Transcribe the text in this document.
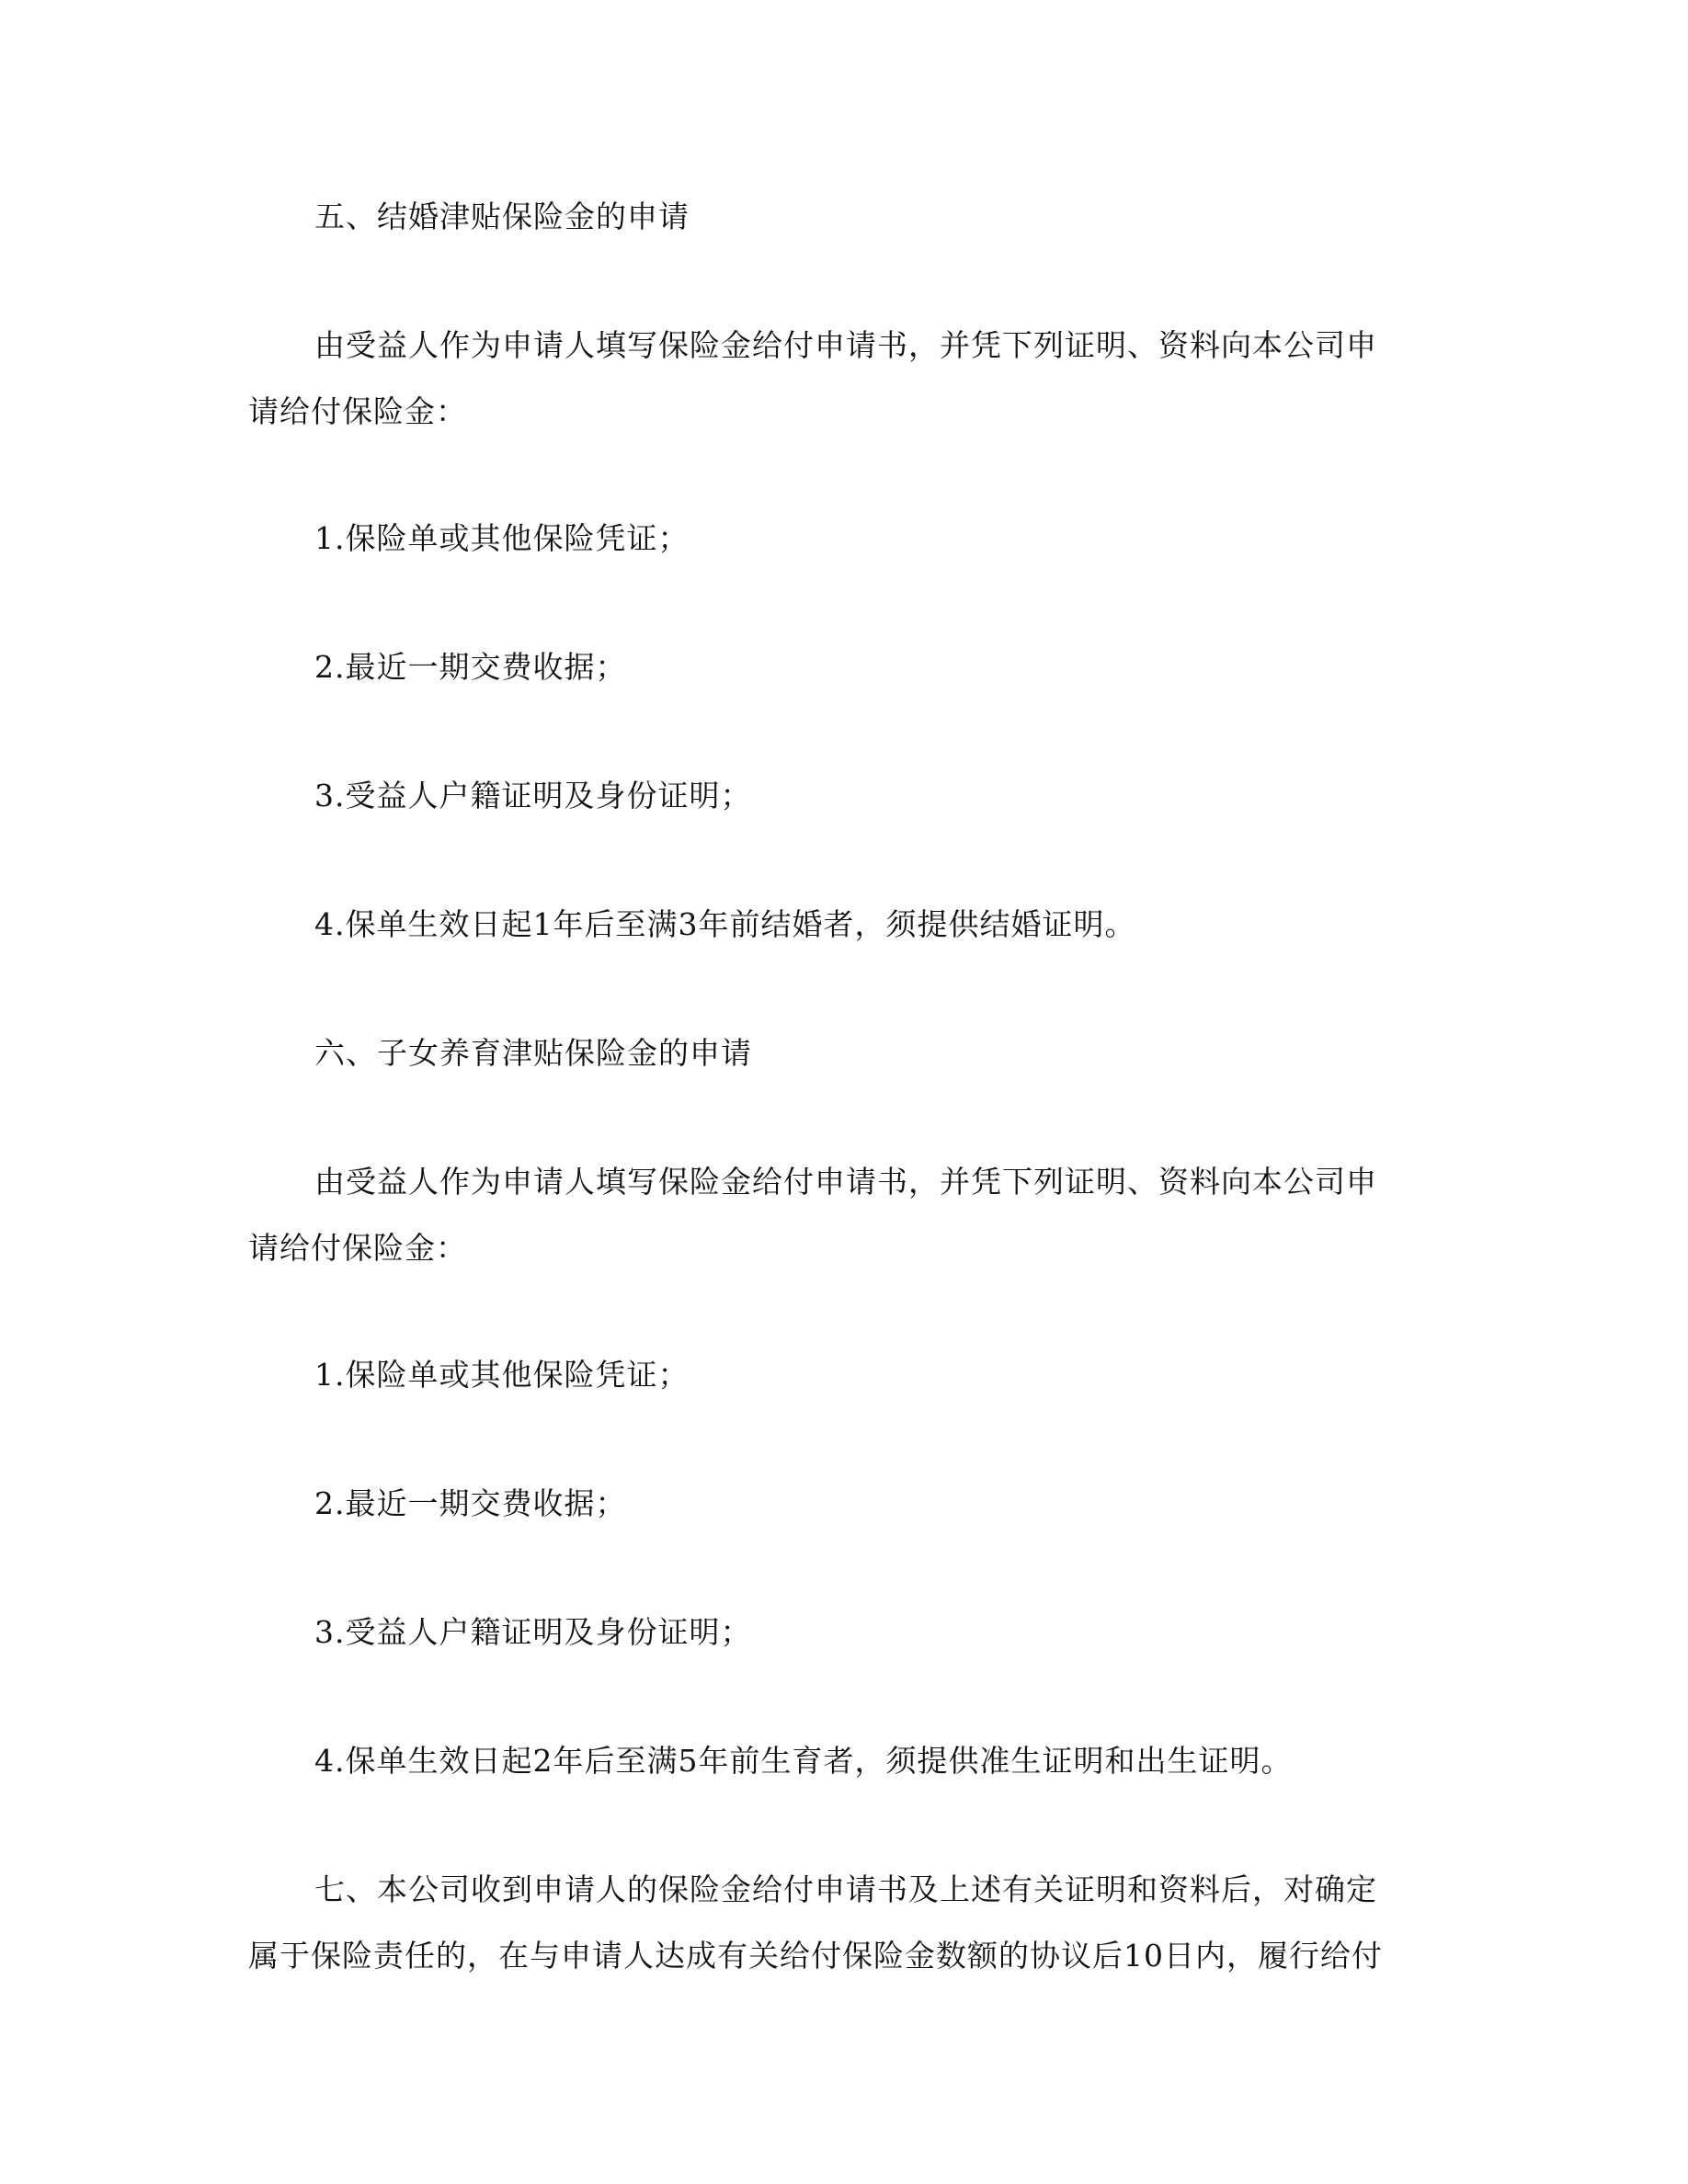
五、结婚津贴保险金的申请

由受益人作为申请人填写保险金给付申请书，并凭下列证明、资料向本公司申
请给付保险金：

1.保险单或其他保险凭证；

2.最近一期交费收据；

3.受益人户籍证明及身份证明；

4.保单生效日起1年后至满3年前结婚者，须提供结婚证明。

六、子女养育津贴保险金的申请

由受益人作为申请人填写保险金给付申请书，并凭下列证明、资料向本公司申
请给付保险金：

1.保险单或其他保险凭证；

2.最近一期交费收据；

3.受益人户籍证明及身份证明；

4.保单生效日起2年后至满5年前生育者，须提供准生证明和出生证明。

七、本公司收到申请人的保险金给付申请书及上述有关证明和资料后，对确定
属于保险责任的，在与申请人达成有关给付保险金数额的协议后10日内，履行给付
